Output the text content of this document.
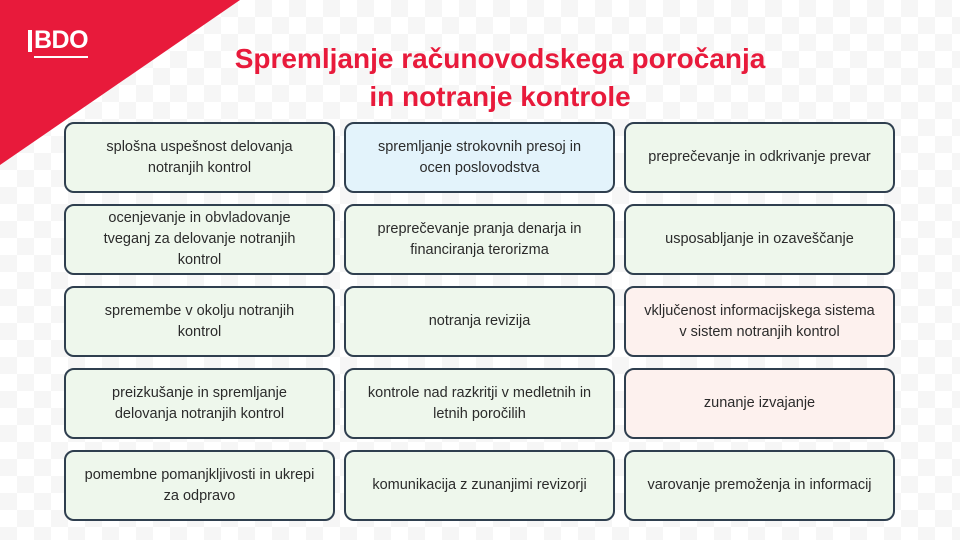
BDO
Spremljanje računovodskega poročanja
in notranje kontrole
splošna uspešnost delovanja notranjih kontrol
spremljanje strokovnih presoj in ocen poslovodstva
preprečevanje in odkrivanje prevar
ocenjevanje in obvladovanje tveganj za delovanje notranjih kontrol
preprečevanje pranja denarja in financiranja terorizma
usposabljanje in ozaveščanje
spremembe v okolju notranjih kontrol
notranja revizija
vključenost informacijskega sistema v sistem notranjih kontrol
preizkušanje in spremljanje delovanja notranjih kontrol
kontrole nad razkritji v medletnih in letnih poročilih
zunanje izvajanje
pomembne pomanjkljivosti in ukrepi za odpravo
komunikacija z zunanjimi revizorji	varovanje premoženja in informacij
